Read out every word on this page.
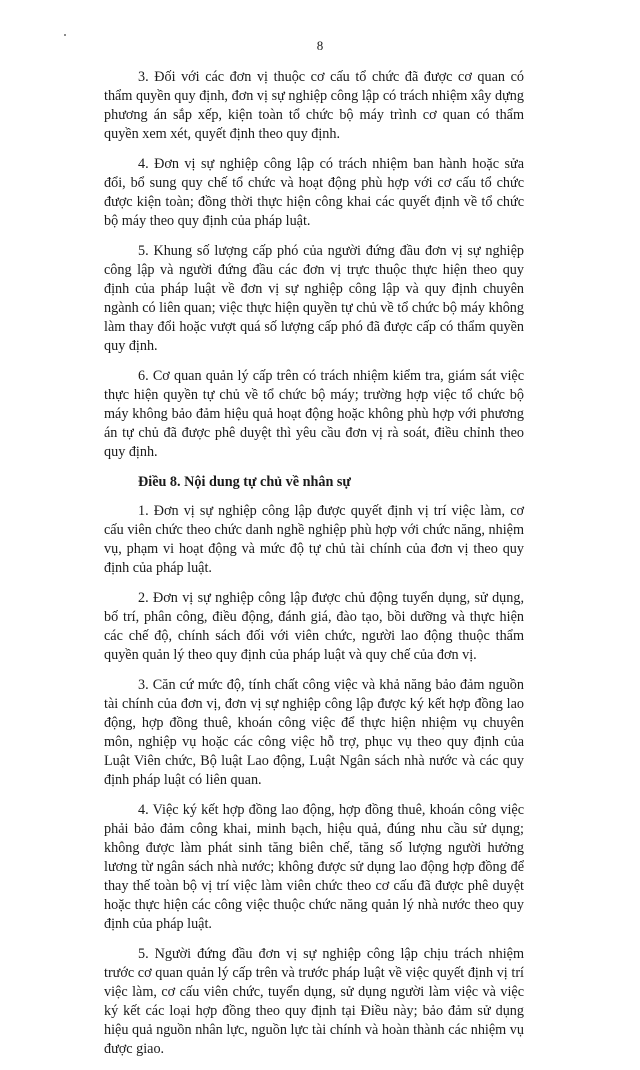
8

3. Đối với các đơn vị thuộc cơ cấu tổ chức đã được cơ quan có thẩm quyền quy định, đơn vị sự nghiệp công lập có trách nhiệm xây dựng phương án sắp xếp, kiện toàn tổ chức bộ máy trình cơ quan có thẩm quyền xem xét, quyết định theo quy định.

4. Đơn vị sự nghiệp công lập có trách nhiệm ban hành hoặc sửa đổi, bổ sung quy chế tổ chức và hoạt động phù hợp với cơ cấu tổ chức được kiện toàn; đồng thời thực hiện công khai các quyết định về tổ chức bộ máy theo quy định của pháp luật.

5. Khung số lượng cấp phó của người đứng đầu đơn vị sự nghiệp công lập và người đứng đầu các đơn vị trực thuộc thực hiện theo quy định của pháp luật về đơn vị sự nghiệp công lập và quy định chuyên ngành có liên quan; việc thực hiện quyền tự chủ về tổ chức bộ máy không làm thay đổi hoặc vượt quá số lượng cấp phó đã được cấp có thẩm quyền quy định.

6. Cơ quan quản lý cấp trên có trách nhiệm kiểm tra, giám sát việc thực hiện quyền tự chủ về tổ chức bộ máy; trường hợp việc tổ chức bộ máy không bảo đảm hiệu quả hoạt động hoặc không phù hợp với phương án tự chủ đã được phê duyệt thì yêu cầu đơn vị rà soát, điều chỉnh theo quy định.

Điều 8. Nội dung tự chủ về nhân sự

1. Đơn vị sự nghiệp công lập được quyết định vị trí việc làm, cơ cấu viên chức theo chức danh nghề nghiệp phù hợp với chức năng, nhiệm vụ, phạm vi hoạt động và mức độ tự chủ tài chính của đơn vị theo quy định của pháp luật.

2. Đơn vị sự nghiệp công lập được chủ động tuyển dụng, sử dụng, bố trí, phân công, điều động, đánh giá, đào tạo, bồi dưỡng và thực hiện các chế độ, chính sách đối với viên chức, người lao động thuộc thẩm quyền quản lý theo quy định của pháp luật và quy chế của đơn vị.

3. Căn cứ mức độ, tính chất công việc và khả năng bảo đảm nguồn tài chính của đơn vị, đơn vị sự nghiệp công lập được ký kết hợp đồng lao động, hợp đồng thuê, khoán công việc để thực hiện nhiệm vụ chuyên môn, nghiệp vụ hoặc các công việc hỗ trợ, phục vụ theo quy định của Luật Viên chức, Bộ luật Lao động, Luật Ngân sách nhà nước và các quy định pháp luật có liên quan.

4. Việc ký kết hợp đồng lao động, hợp đồng thuê, khoán công việc phải bảo đảm công khai, minh bạch, hiệu quả, đúng nhu cầu sử dụng; không được làm phát sinh tăng biên chế, tăng số lượng người hưởng lương từ ngân sách nhà nước; không được sử dụng lao động hợp đồng để thay thế toàn bộ vị trí việc làm viên chức theo cơ cấu đã được phê duyệt hoặc thực hiện các công việc thuộc chức năng quản lý nhà nước theo quy định của pháp luật.

5. Người đứng đầu đơn vị sự nghiệp công lập chịu trách nhiệm trước cơ quan quản lý cấp trên và trước pháp luật về việc quyết định vị trí việc làm, cơ cấu viên chức, tuyển dụng, sử dụng người làm việc và việc ký kết các loại hợp đồng theo quy định tại Điều này; bảo đảm sử dụng hiệu quả nguồn nhân lực, nguồn lực tài chính và hoàn thành các nhiệm vụ được giao.
